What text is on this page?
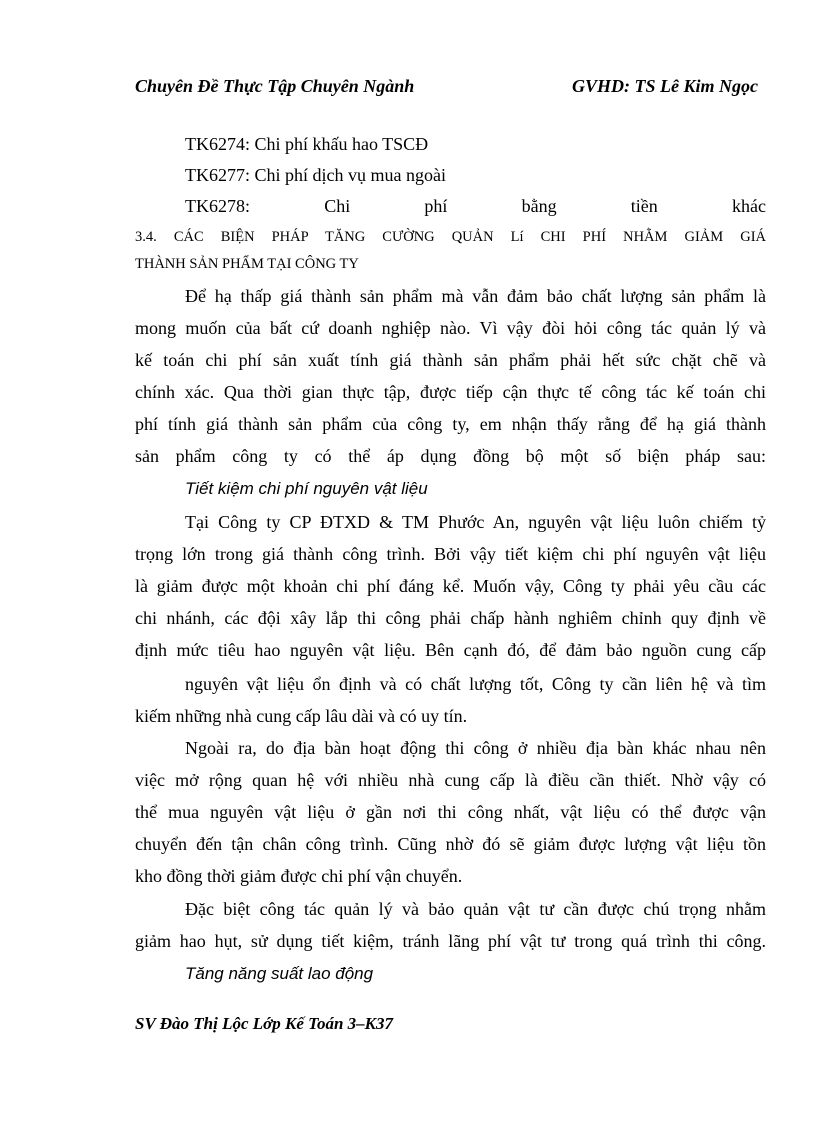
Chuyên Đề Thực Tập Chuyên Ngành	GVHD: TS Lê Kim Ngọc
TK6274: Chi phí khấu hao TSCĐ
TK6277: Chi phí dịch vụ mua ngoài
TK6278:	Chi	phí	bằng	tiền	khác
3.4. CÁC BIỆN PHÁP TĂNG CƯỜNG QUẢN Lí CHI PHÍ NHẰM GIẢM GIÁ
THÀNH SẢN PHẨM TẠI CÔNG TY
Để hạ thấp giá thành sản phẩm mà vẫn đảm bảo chất lượng sản phẩm là
mong muốn của bất cứ doanh nghiệp nào. Vì vậy đòi hỏi công tác quản lý và
kế toán chi phí sản xuất tính giá thành sản phẩm phải hết sức chặt chẽ và
chính xác. Qua thời gian thực tập, được tiếp cận thực tế công tác kế toán chi
phí tính giá thành sản phẩm của công ty, em nhận thấy rằng để hạ giá thành
sản phẩm công ty có thể áp dụng đồng bộ một số biện pháp sau:
Tiết kiệm chi phí nguyên vật liệu
Tại Công ty CP ĐTXD & TM Phước An, nguyên vật liệu luôn chiếm tỷ
trọng lớn trong giá thành công trình. Bởi vậy tiết kiệm chi phí nguyên vật liệu
là giảm được một khoản chi phí đáng kể. Muốn vậy, Công ty phải yêu cầu các
chi nhánh, các đội xây lắp thi công phải chấp hành nghiêm chỉnh quy định về
định mức tiêu hao nguyên vật liệu. Bên cạnh đó, để đảm bảo nguồn cung cấp
nguyên vật liệu ổn định và có chất lượng tốt, Công ty cần liên hệ và tìm
kiếm những nhà cung cấp lâu dài và có uy tín.
Ngoài ra, do địa bàn hoạt động thi công ở nhiều địa bàn khác nhau nên
việc mở rộng quan hệ với nhiều nhà cung cấp là điều cần thiết. Nhờ vậy có
thể mua nguyên vật liệu ở gần nơi thi công nhất, vật liệu có thể được vận
chuyển đến tận chân công trình. Cũng nhờ đó sẽ giảm được lượng vật liệu tồn
kho đồng thời giảm được chi phí vận chuyển.
Đặc biệt công tác quản lý và bảo quản vật tư cần được chú trọng nhằm
giảm hao hụt, sử dụng tiết kiệm, tránh lãng phí vật tư trong quá trình thi công.
Tăng năng suất lao động
SV Đào Thị Lộc Lớp Kế Toán 3–K37
